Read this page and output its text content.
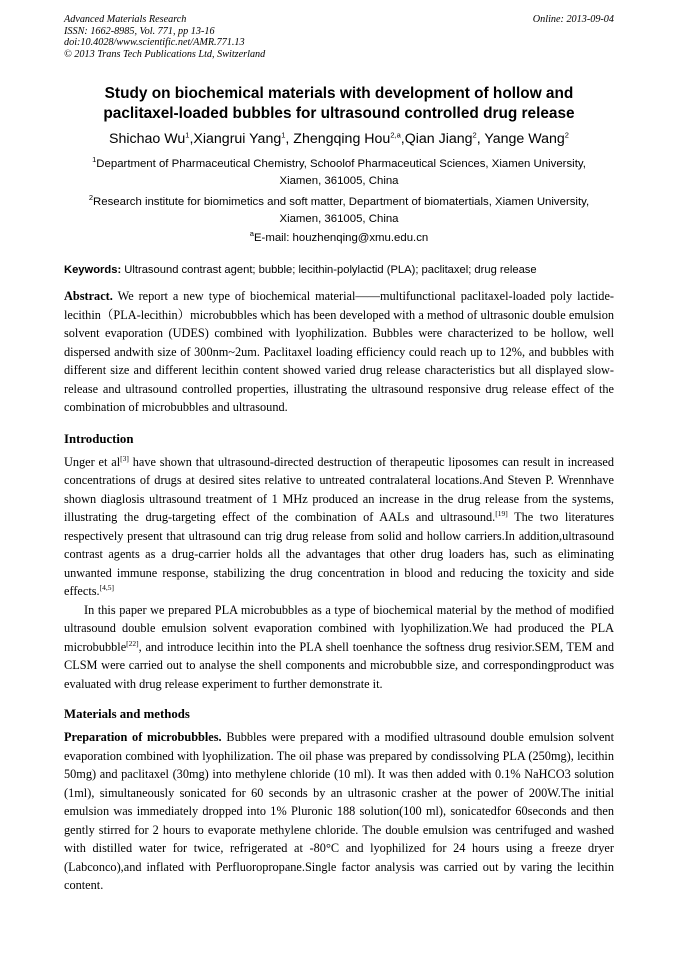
Advanced Materials Research	Online: 2013-09-04
ISSN: 1662-8985, Vol. 771, pp 13-16
doi:10.4028/www.scientific.net/AMR.771.13
© 2013 Trans Tech Publications Ltd, Switzerland
Study on biochemical materials with development of hollow and
paclitaxel-loaded bubbles for ultrasound controlled drug release
Shichao Wu$^1$,Xiangrui Yang$^1$, Zhengqing Hou$^{2,a}$,Qian Jiang$^2$, Yange Wang$^2$
$^1$Department of Pharmaceutical Chemistry, Schoolof Pharmaceutical Sciences, Xiamen University,
Xiamen, 361005, China
$^2$Research institute for biomimetics and soft matter, Department of biomatertials, Xiamen University,
Xiamen, 361005, China
$^a$E-mail: houzhenqing@xmu.edu.cn
Keywords: Ultrasound contrast agent; bubble; lecithin-polylactid (PLA); paclitaxel; drug release
Abstract. We report a new type of biochemical material——multifunctional paclitaxel-loaded poly lactide-lecithin（PLA-lecithin）microbubbles which has been developed with a method of ultrasonic double emulsion solvent evaporation (UDES) combined with lyophilization. Bubbles were characterized to be hollow, well dispersed andwith size of 300nm~2um. Paclitaxel loading efficiency could reach up to 12%, and bubbles with different size and different lecithin content showed varied drug release characteristics but all displayed slow-release and ultrasound controlled properties, illustrating the ultrasound responsive drug release effect of the combination of microbubbles and ultrasound.
Introduction
Unger et al[3] have shown that ultrasound-directed destruction of therapeutic liposomes can result in increased concentrations of drugs at desired sites relative to untreated contralateral locations.And Steven P. Wrennhave shown diaglosis ultrasound treatment of 1 MHz produced an increase in the drug release from the systems, illustrating the drug-targeting effect of the combination of AALs and ultrasound.[19] The two literatures respectively present that ultrasound can trig drug release from solid and hollow carriers.In addition,ultrasound contrast agents as a drug-carrier holds all the advantages that other drug loaders has, such as eliminating unwanted immune response, stabilizing the drug concentration in blood and reducing the toxicity and side effects.[4,5]
In this paper we prepared PLA microbubbles as a type of biochemical material by the method of modified ultrasound double emulsion solvent evaporation combined with lyophilization.We had produced the PLA microbubble[22], and introduce lecithin into the PLA shell toenhance the softness drug resivior.SEM, TEM and CLSM were carried out to analyse the shell components and microbubble size, and correspondingproduct was evaluated with drug release experiment to further demonstrate it.
Materials and methods
Preparation of microbubbles. Bubbles were prepared with a modified ultrasound double emulsion solvent evaporation combined with lyophilization. The oil phase was prepared by condissolving PLA (250mg), lecithin 50mg) and paclitaxel (30mg) into methylene chloride (10 ml). It was then added with 0.1% NaHCO3 solution (1ml), simultaneously sonicated for 60 seconds by an ultrasonic crasher at the power of 200W.The initial emulsion was immediately dropped into 1% Pluronic 188 solution(100 ml), sonicatedfor 60seconds and then gently stirred for 2 hours to evaporate methylene chloride. The double emulsion was centrifuged and washed with distilled water for twice, refrigerated at -80°C and lyophilized for 24 hours using a freeze dryer (Labconco),and inflated with Perfluoropropane.Single factor analysis was carried out by varing the lecithin content.
